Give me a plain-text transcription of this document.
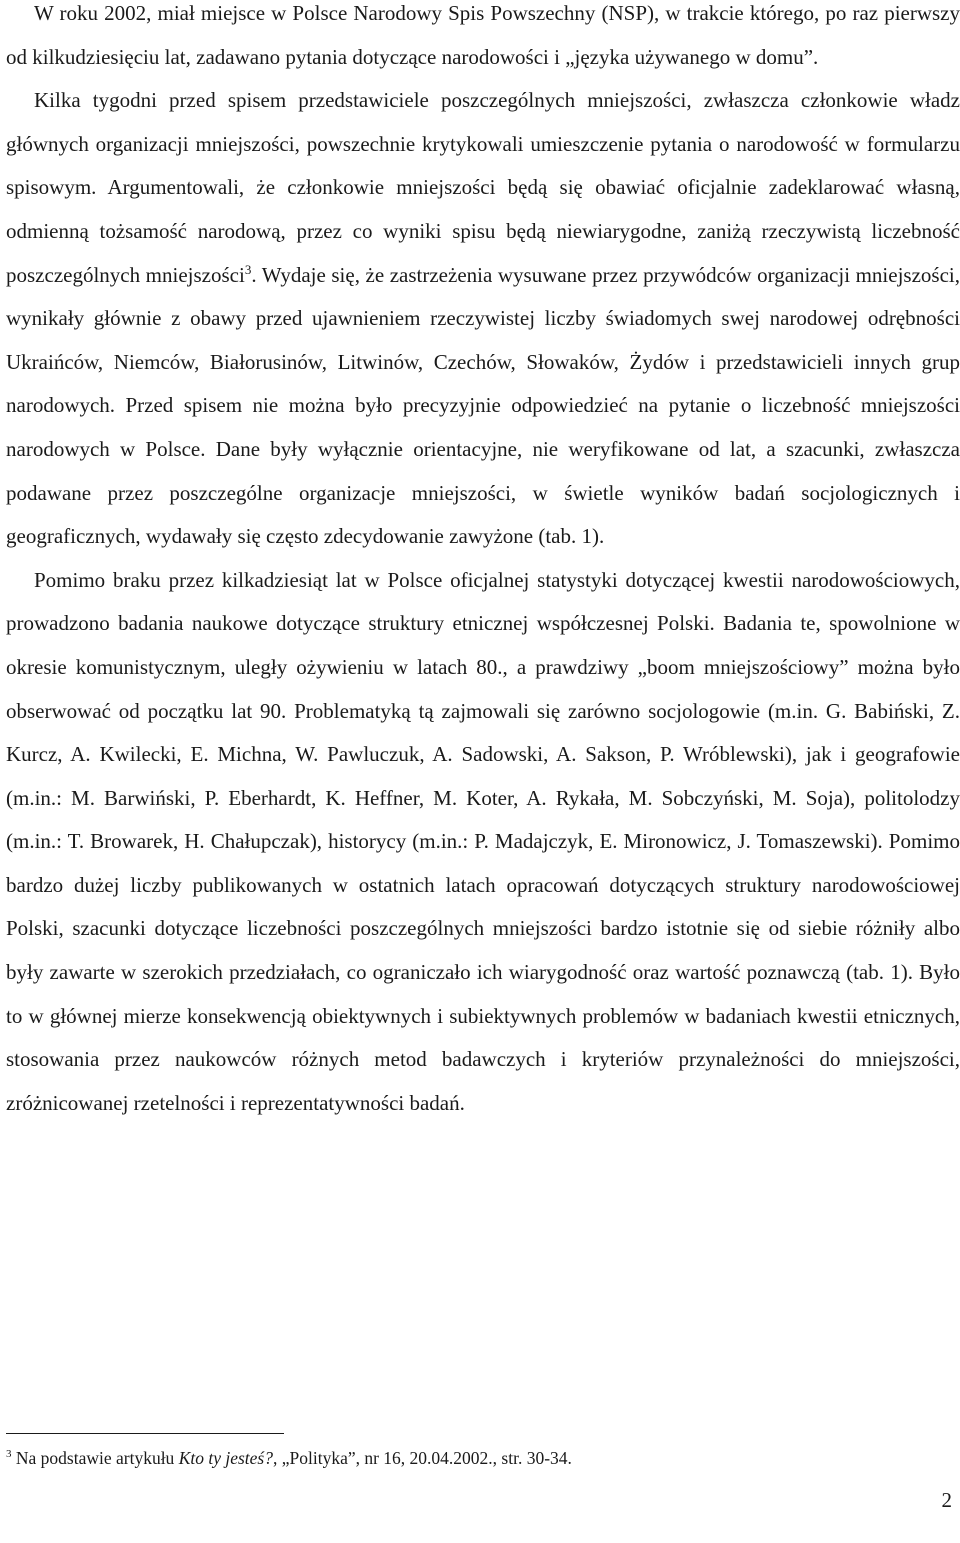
W roku 2002, miał miejsce w Polsce Narodowy Spis Powszechny (NSP), w trakcie którego, po raz pierwszy od kilkudziesięciu lat, zadawano pytania dotyczące narodowości i „języka używanego w domu”.

Kilka tygodni przed spisem przedstawiciele poszczególnych mniejszości, zwłaszcza członkowie władz głównych organizacji mniejszości, powszechnie krytykowali umieszczenie pytania o narodowość w formularzu spisowym. Argumentowali, że członkowie mniejszości będą się obawiać oficjalnie zadeklarować własną, odmienną tożsamość narodową, przez co wyniki spisu będą niewiarygodne, zaniżą rzeczywistą liczebność poszczególnych mniejszości$^3$. Wydaje się, że zastrzeżenia wysuwane przez przywódców organizacji mniejszości, wynikały głównie z obawy przed ujawnieniem rzeczywistej liczby świadomych swej narodowej odrębności Ukraińców, Niemców, Białorusinów, Litwinów, Czechów, Słowaków, Żydów i przedstawicieli innych grup narodowych. Przed spisem nie można było precyzyjnie odpowiedzieć na pytanie o liczebność mniejszości narodowych w Polsce. Dane były wyłącznie orientacyjne, nie weryfikowane od lat, a szacunki, zwłaszcza podawane przez poszczególne organizacje mniejszości, w świetle wyników badań socjologicznych i geograficznych, wydawały się często zdecydowanie zawyżone (tab. 1).

Pomimo braku przez kilkadziesiąt lat w Polsce oficjalnej statystyki dotyczącej kwestii narodowościowych, prowadzono badania naukowe dotyczące struktury etnicznej współczesnej Polski. Badania te, spowolnione w okresie komunistycznym, uległy ożywieniu w latach 80., a prawdziwy „boom mniejszościowy” można było obserwować od początku lat 90. Problematyką tą zajmowali się zarówno socjologowie (m.in. G. Babiński, Z. Kurcz, A. Kwilecki, E. Michna, W. Pawluczuk, A. Sadowski, A. Sakson, P. Wróblewski), jak i geografowie (m.in.: M. Barwiński, P. Eberhardt, K. Heffner, M. Koter, A. Rykała, M. Sobczyński, M. Soja), politolodzy (m.in.: T. Browarek, H. Chałupczak), historycy (m.in.: P. Madajczyk, E. Mironowicz, J. Tomaszewski). Pomimo bardzo dużej liczby publikowanych w ostatnich latach opracowań dotyczących struktury narodowościowej Polski, szacunki dotyczące liczebności poszczególnych mniejszości bardzo istotnie się od siebie różniły albo były zawarte w szerokich przedziałach, co ograniczało ich wiarygodność oraz wartość poznawczą (tab. 1). Było to w głównej mierze konsekwencją obiektywnych i subiektywnych problemów w badaniach kwestii etnicznych, stosowania przez naukowców różnych metod badawczych i kryteriów przynależności do mniejszości, zróżnicowanej rzetelności i reprezentatywności badań.

$^3$ Na podstawie artykułu Kto ty jesteś?, „Polityka”, nr 16, 20.04.2002., str. 30-34.
2
